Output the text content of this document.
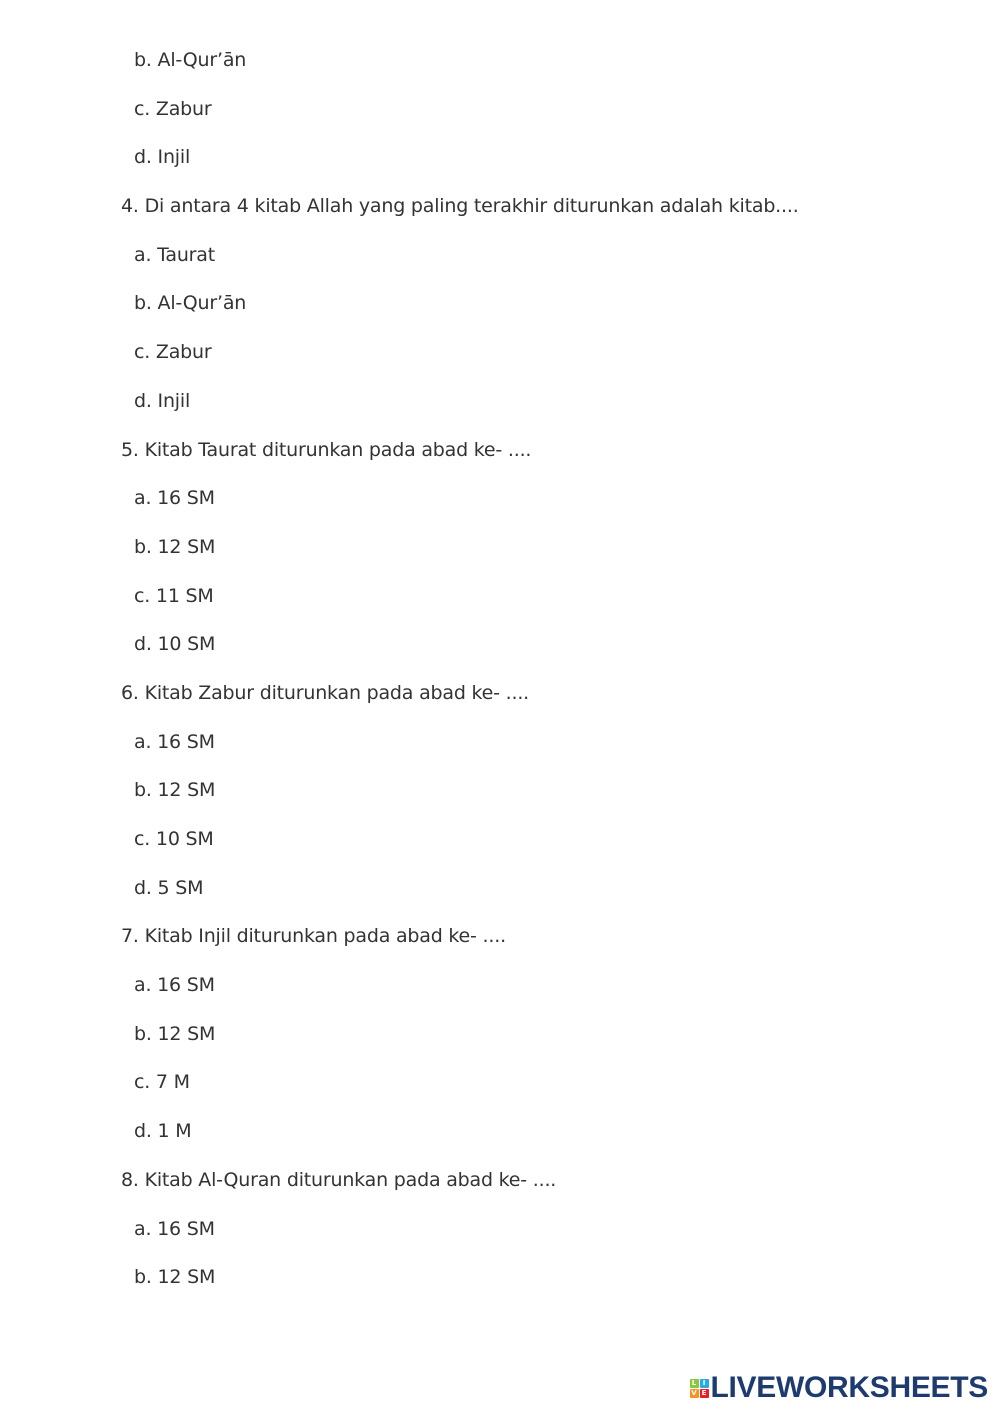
b. Al-Qur’ān
c. Zabur
d. Injil
4. Di antara 4 kitab Allah yang paling terakhir diturunkan adalah kitab....
a. Taurat
b. Al-Qur’ān
c. Zabur
d. Injil
5. Kitab Taurat diturunkan pada abad ke- ....
a. 16 SM
b. 12 SM
c. 11 SM
d. 10 SM
6. Kitab Zabur diturunkan pada abad ke- ....
a. 16 SM
b. 12 SM
c. 10 SM
d. 5 SM
7. Kitab Injil diturunkan pada abad ke- ....
a. 16 SM
b. 12 SM
c. 7 M
d. 1 M
8. Kitab Al-Quran diturunkan pada abad ke- ....
a. 16 SM
b. 12 SM
L I
V E LIVEWORKSHEETS
